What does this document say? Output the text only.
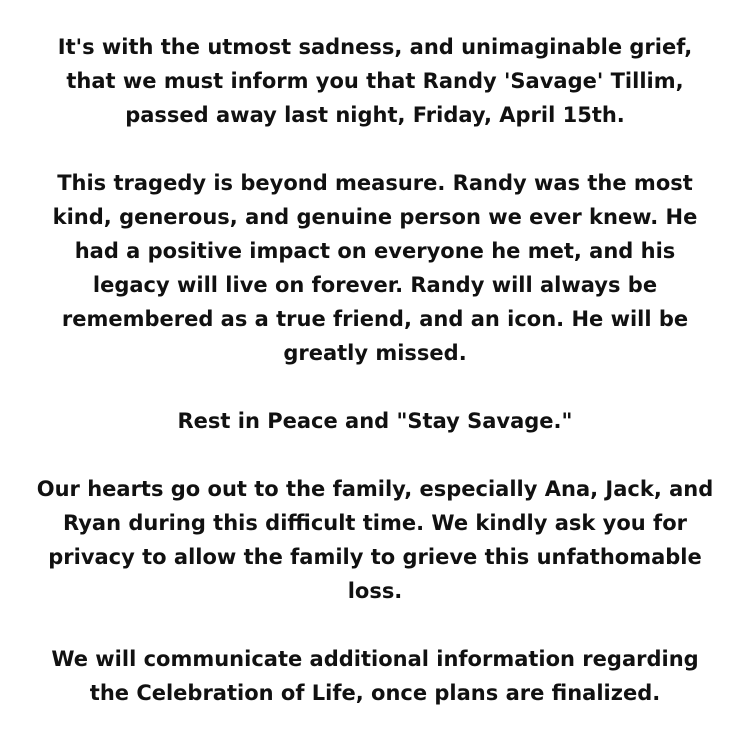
It's with the utmost sadness, and unimaginable grief, that we must inform you that Randy 'Savage' Tillim, passed away last night, Friday, April 15th.

This tragedy is beyond measure. Randy was the most kind, generous, and genuine person we ever knew. He had a positive impact on everyone he met, and his legacy will live on forever. Randy will always be remembered as a true friend, and an icon. He will be greatly missed.

Rest in Peace and "Stay Savage."

Our hearts go out to the family, especially Ana, Jack, and Ryan during this difficult time. We kindly ask you for privacy to allow the family to grieve this unfathomable loss.

We will communicate additional information regarding the Celebration of Life, once plans are finalized.
